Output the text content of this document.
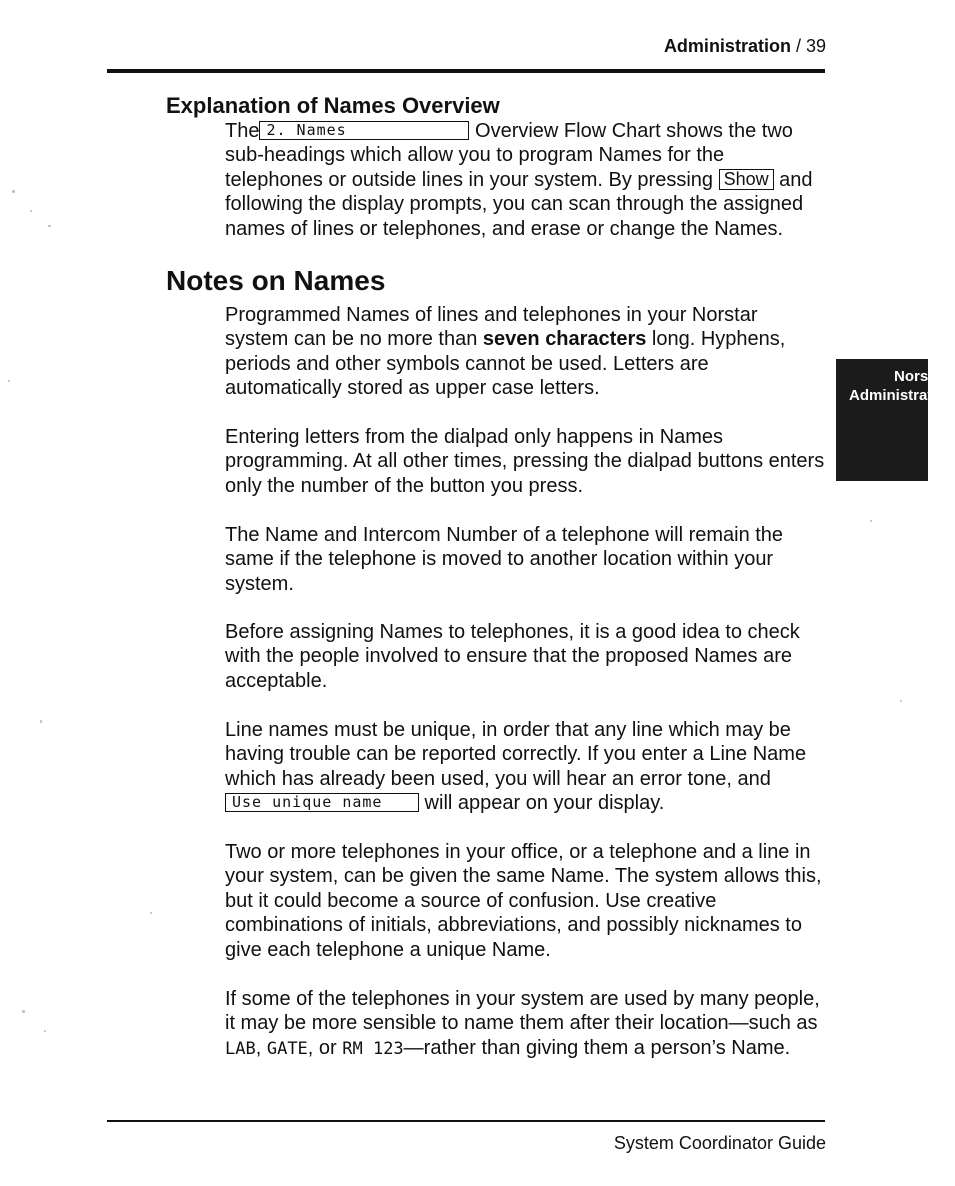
Administration / 39
Explanation of Names Overview

The 2. Names	Overview Flow Chart shows the two sub-headings which allow you to program Names for the telephones or outside lines in your system. By pressing Show and following the display prompts, you can scan through the assigned names of lines or telephones, and erase or change the Names.

Notes on Names

Programmed Names of lines and telephones in your Norstar system can be no more than seven characters long. Hyphens, periods and other symbols cannot be used. Letters are automatically stored as upper case letters.

Entering letters from the dialpad only happens in Names programming. At all other times, pressing the dialpad buttons enters only the number of the button you press.
The Name and Intercom Number of a telephone will remain the same if the telephone is moved to another location within your system.
Before assigning Names to telephones, it is a good idea to check with the people involved to ensure that the proposed Names are acceptable.

Line names must be unique, in order that any line which may be having trouble can be reported correctly. If you enter a Line Name which has already been used, you will hear an error tone, and Use unique name will appear on your display.

Two or more telephones in your office, or a telephone and a line in your system, can be given the same Name. The system allows this, but it could become a source of confusion. Use creative combinations of initials, abbreviations, and possibly nicknames to give each telephone a unique Name.

If some of the telephones in your system are used by many people, it may be more sensible to name them after their location—such as LAB, GATE, or RM 123—rather than giving them a person’s Name.

Norstar
Administration
System Coordinator Guide
